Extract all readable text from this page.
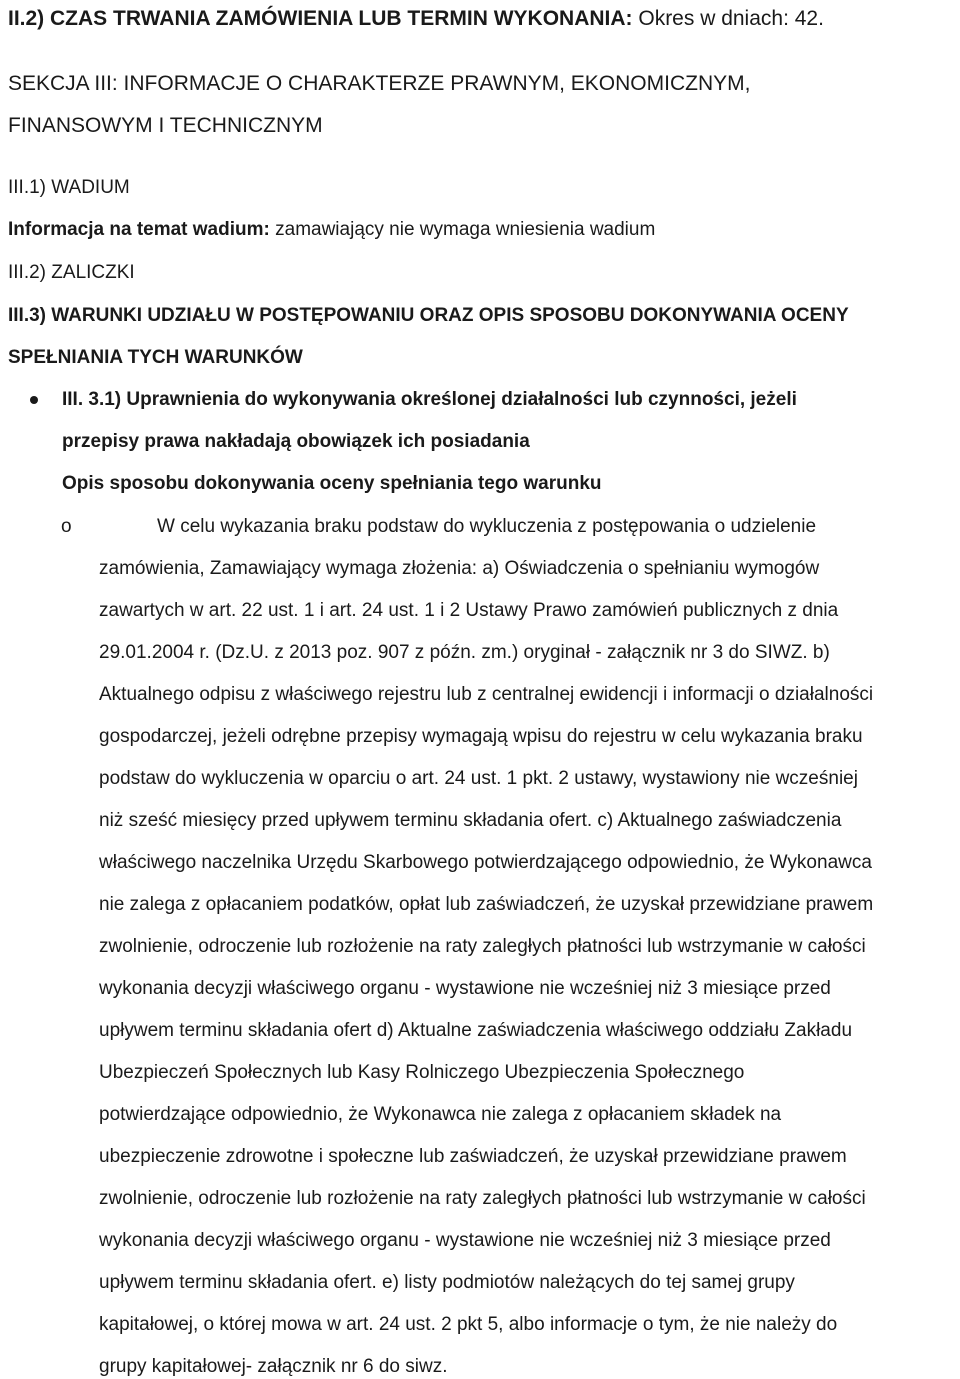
II.2) CZAS TRWANIA ZAMÓWIENIA LUB TERMIN WYKONANIA: Okres w dniach: 42.
SEKCJA III: INFORMACJE O CHARAKTERZE PRAWNYM, EKONOMICZNYM,
FINANSOWYM I TECHNICZNYM
III.1) WADIUM
Informacja na temat wadium: zamawiający nie wymaga wniesienia wadium
III.2) ZALICZKI
III.3) WARUNKI UDZIAŁU W POSTĘPOWANIU ORAZ OPIS SPOSOBU DOKONYWANIA OCENY
SPEŁNIANIA TYCH WARUNKÓW
III. 3.1) Uprawnienia do wykonywania określonej działalności lub czynności, jeżeli
przepisy prawa nakładają obowiązek ich posiadania
Opis sposobu dokonywania oceny spełniania tego warunku
o	W celu wykazania braku podstaw do wykluczenia z postępowania o udzielenie
zamówienia, Zamawiający wymaga złożenia: a) Oświadczenia o spełnianiu wymogów
zawartych w art. 22 ust. 1 i art. 24 ust. 1 i 2 Ustawy Prawo zamówień publicznych z dnia
29.01.2004 r. (Dz.U. z 2013 poz. 907 z późn. zm.) oryginał - załącznik nr 3 do SIWZ. b)
Aktualnego odpisu z właściwego rejestru lub z centralnej ewidencji i informacji o działalności
gospodarczej, jeżeli odrębne przepisy wymagają wpisu do rejestru w celu wykazania braku
podstaw do wykluczenia w oparciu o art. 24 ust. 1 pkt. 2 ustawy, wystawiony nie wcześniej
niż sześć miesięcy przed upływem terminu składania ofert. c) Aktualnego zaświadczenia
właściwego naczelnika Urzędu Skarbowego potwierdzającego odpowiednio, że Wykonawca
nie zalega z opłacaniem podatków, opłat lub zaświadczeń, że uzyskał przewidziane prawem
zwolnienie, odroczenie lub rozłożenie na raty zaległych płatności lub wstrzymanie w całości
wykonania decyzji właściwego organu - wystawione nie wcześniej niż 3 miesiące przed
upływem terminu składania ofert d) Aktualne zaświadczenia właściwego oddziału Zakładu
Ubezpieczeń Społecznych lub Kasy Rolniczego Ubezpieczenia Społecznego
potwierdzające odpowiednio, że Wykonawca nie zalega z opłacaniem składek na
ubezpieczenie zdrowotne i społeczne lub zaświadczeń, że uzyskał przewidziane prawem
zwolnienie, odroczenie lub rozłożenie na raty zaległych płatności lub wstrzymanie w całości
wykonania decyzji właściwego organu - wystawione nie wcześniej niż 3 miesiące przed
upływem terminu składania ofert. e) listy podmiotów należących do tej samej grupy
kapitałowej, o której mowa w art. 24 ust. 2 pkt 5, albo informacje o tym, że nie należy do
grupy kapitałowej- załącznik nr 6 do siwz.
